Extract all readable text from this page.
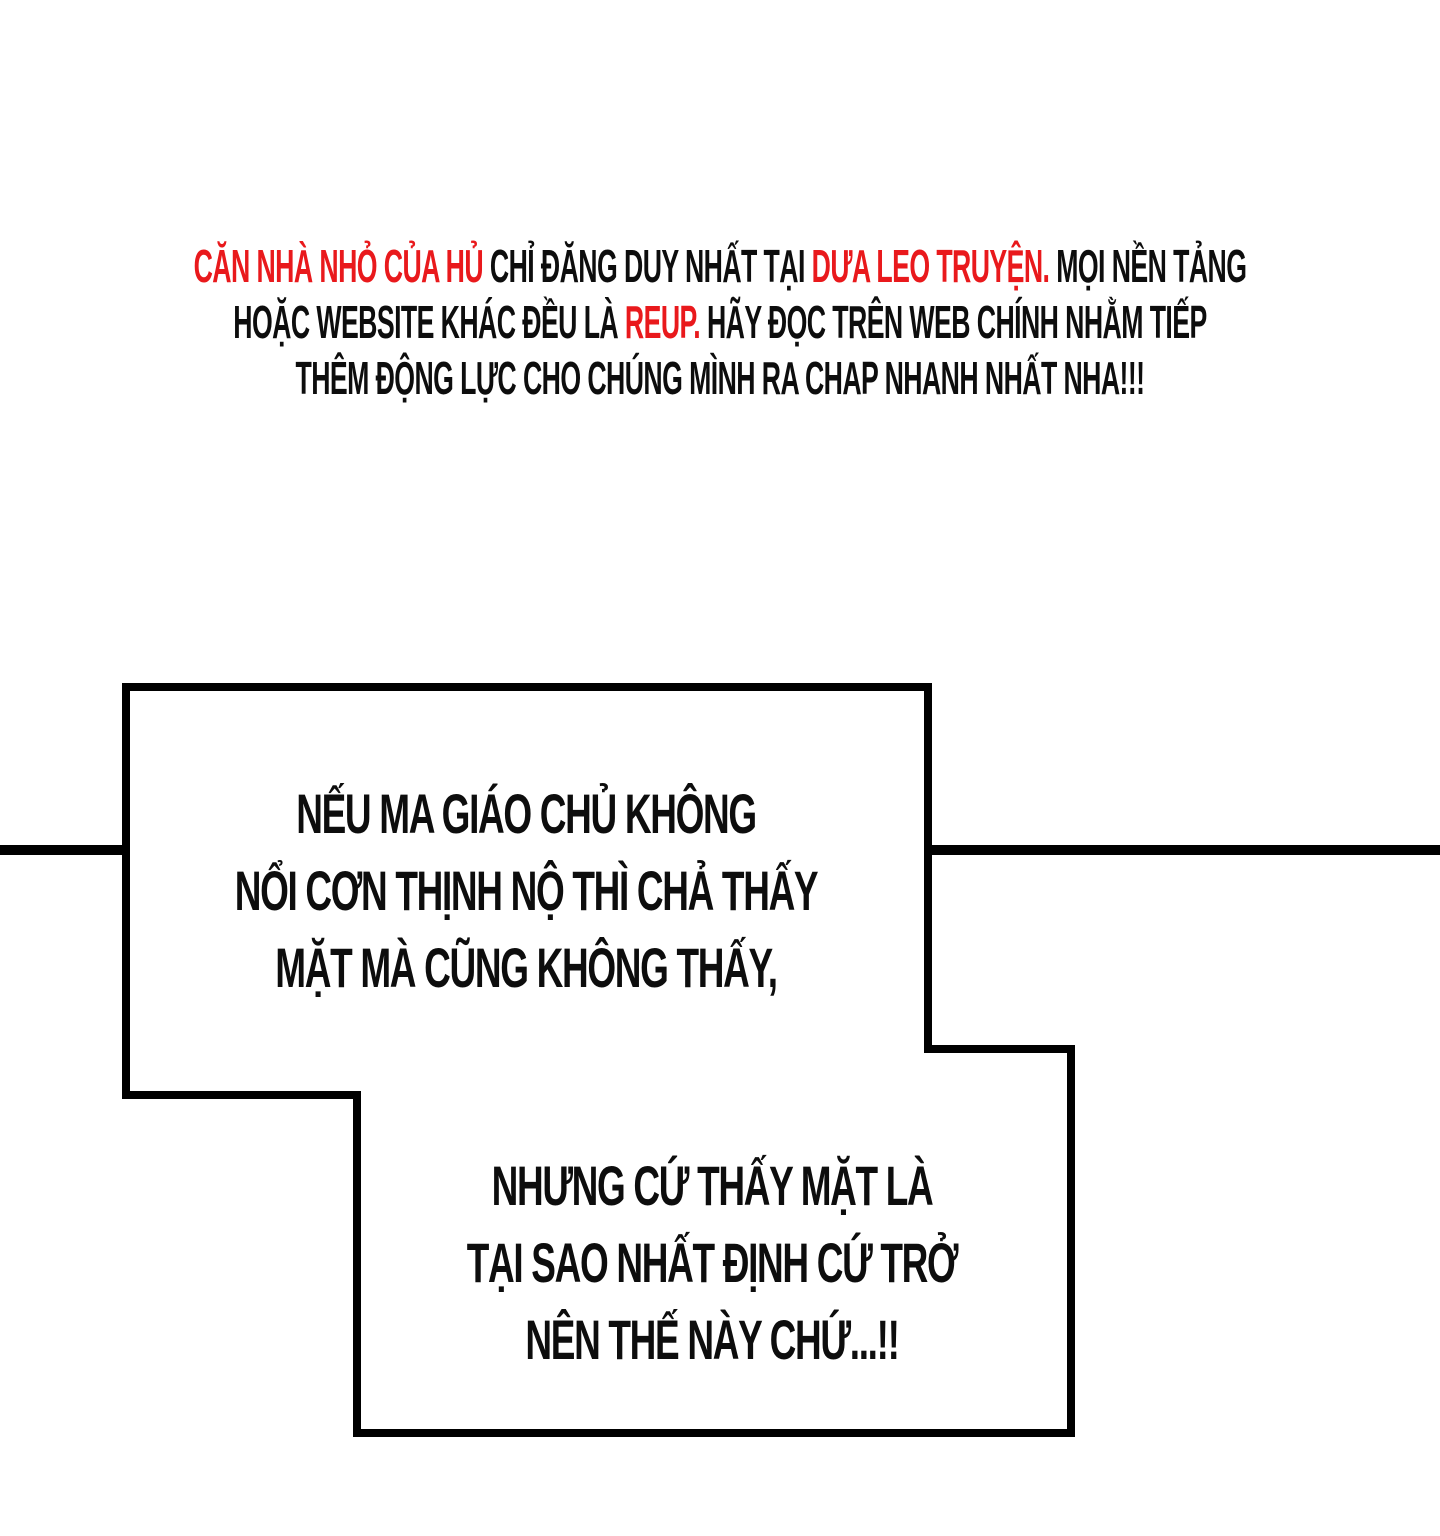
CĂN NHÀ NHỎ CỦA HỦ CHỈ ĐĂNG DUY NHẤT TẠI DƯA LEO TRUYỆN. MỌI NỀN TẢNG
HOẶC WEBSITE KHÁC ĐỀU LÀ REUP. HÃY ĐỌC TRÊN WEB CHÍNH NHẰM TIẾP
THÊM ĐỘNG LỰC CHO CHÚNG MÌNH RA CHAP NHANH NHẤT NHA!!!
NẾU MA GIÁO CHỦ KHÔNG
NỔI CƠN THỊNH NỘ THÌ CHẢ THẤY
MẶT MÀ CŨNG KHÔNG THẤY,
NHƯNG CỨ THẤY MẶT LÀ
TẠI SAO NHẤT ĐỊNH CỨ TRỞ
NÊN THẾ NÀY CHỨ...!!
